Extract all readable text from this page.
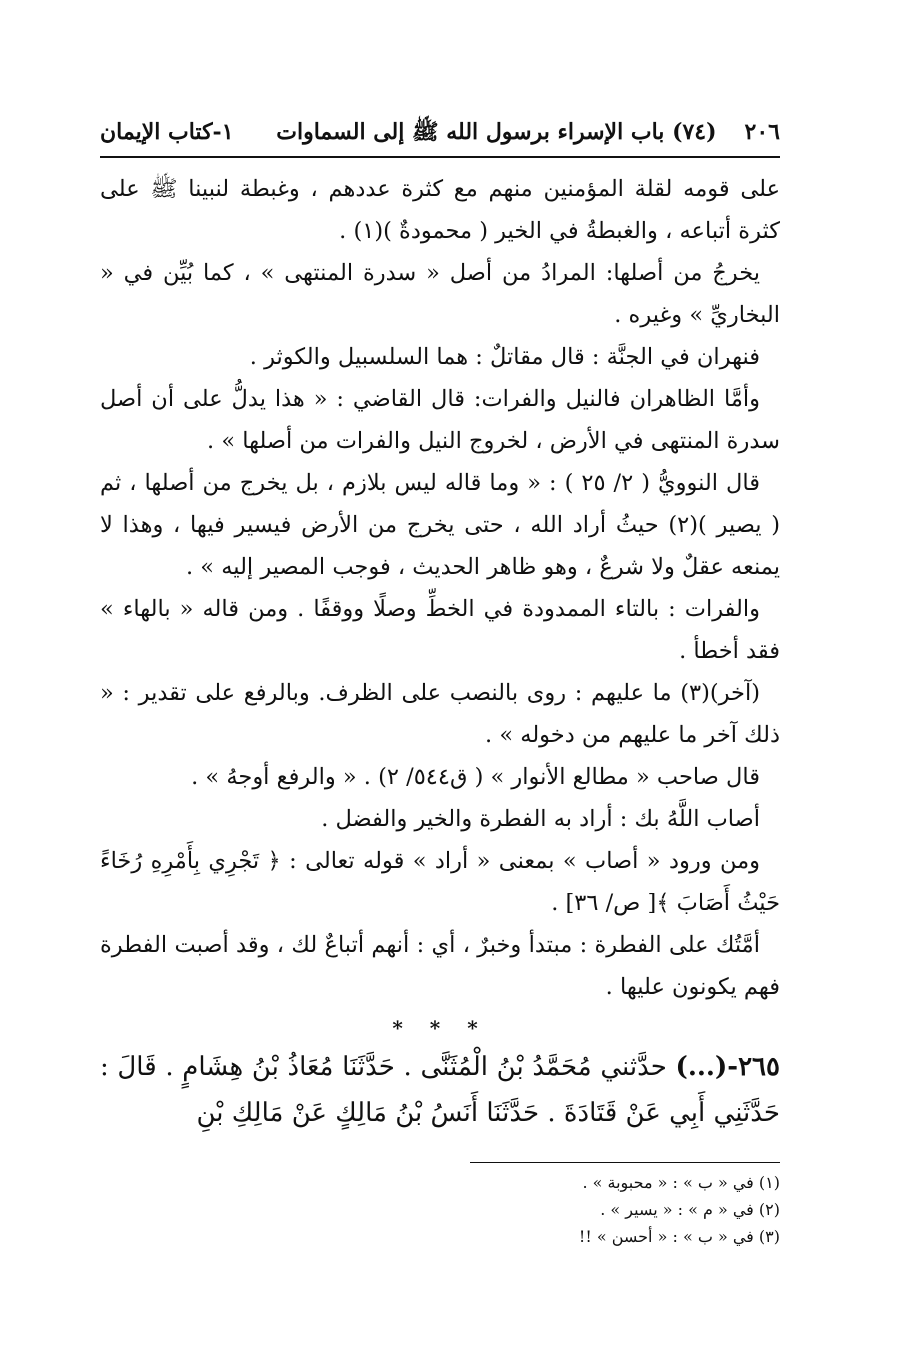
٢٠٦
(٧٤) باب الإسراء برسول الله ﷺ إلى السماوات
١-كتاب الإيمان

على قومه لقلة المؤمنين منهم مع كثرة عددهم ، وغبطة لنبينا ﷺ على كثرة أتباعه ، والغبطةُ في الخير ( محمودةٌ )(١) .

يخرجُ من أصلها: المرادُ من أصل « سدرة المنتهى » ، كما بُيِّن في « البخاريِّ » وغيره .

فنهران في الجنَّة : قال مقاتلٌ : هما السلسبيل والكوثر .

وأمَّا الظاهران فالنيل والفرات: قال القاضي : « هذا يدلُّ على أن أصل سدرة المنتهى في الأرض ، لخروج النيل والفرات من أصلها » .

قال النوويُّ ( ٢/ ٢٥ ) : « وما قاله ليس بلازم ، بل يخرج من أصلها ، ثم ( يصير )(٢) حيثُ أراد الله ، حتى يخرج من الأرض فيسير فيها ، وهذا لا يمنعه عقلٌ ولا شرعٌ ، وهو ظاهر الحديث ، فوجب المصير إليه » .

والفرات : بالتاء الممدودة في الخطِّ وصلًا ووقفًا . ومن قاله « بالهاء » فقد أخطأ .

(آخر)(٣) ما عليهم : روى بالنصب على الظرف. وبالرفع على تقدير : « ذلك آخر ما عليهم من دخوله » .

قال صاحب « مطالع الأنوار » ( ق٥٤٤/ ٢) . « والرفع أوجهُ » .

أصاب اللَّهُ بك : أراد به الفطرة والخير والفضل .

ومن ورود « أصاب » بمعنى « أراد » قوله تعالى : ﴿ تَجْرِي بِأَمْرِهِ رُخَاءً حَيْثُ أَصَابَ ﴾[ ص/ ٣٦] .

أمَّتُك على الفطرة : مبتدأ وخبرٌ ، أي : أنهم أتباعٌ لك ، وقد أصبت الفطرة فهم يكونون عليها .

* * *

٢٦٥-(...) حدَّثني مُحَمَّدُ بْنُ الْمُثَنَّى . حَدَّثَنَا مُعَاذُ بْنُ هِشَامٍ . قَالَ : حَدَّثَنِي أَبِي عَنْ قَتَادَةَ . حَدَّثَنَا أَنَسُ بْنُ مَالِكٍ عَنْ مَالِكِ بْنِ

(١) في « ب » : « محبوبة » .
(٢) في « م » : « يسير » .
(٣) في « ب » : « أحسن » !!
